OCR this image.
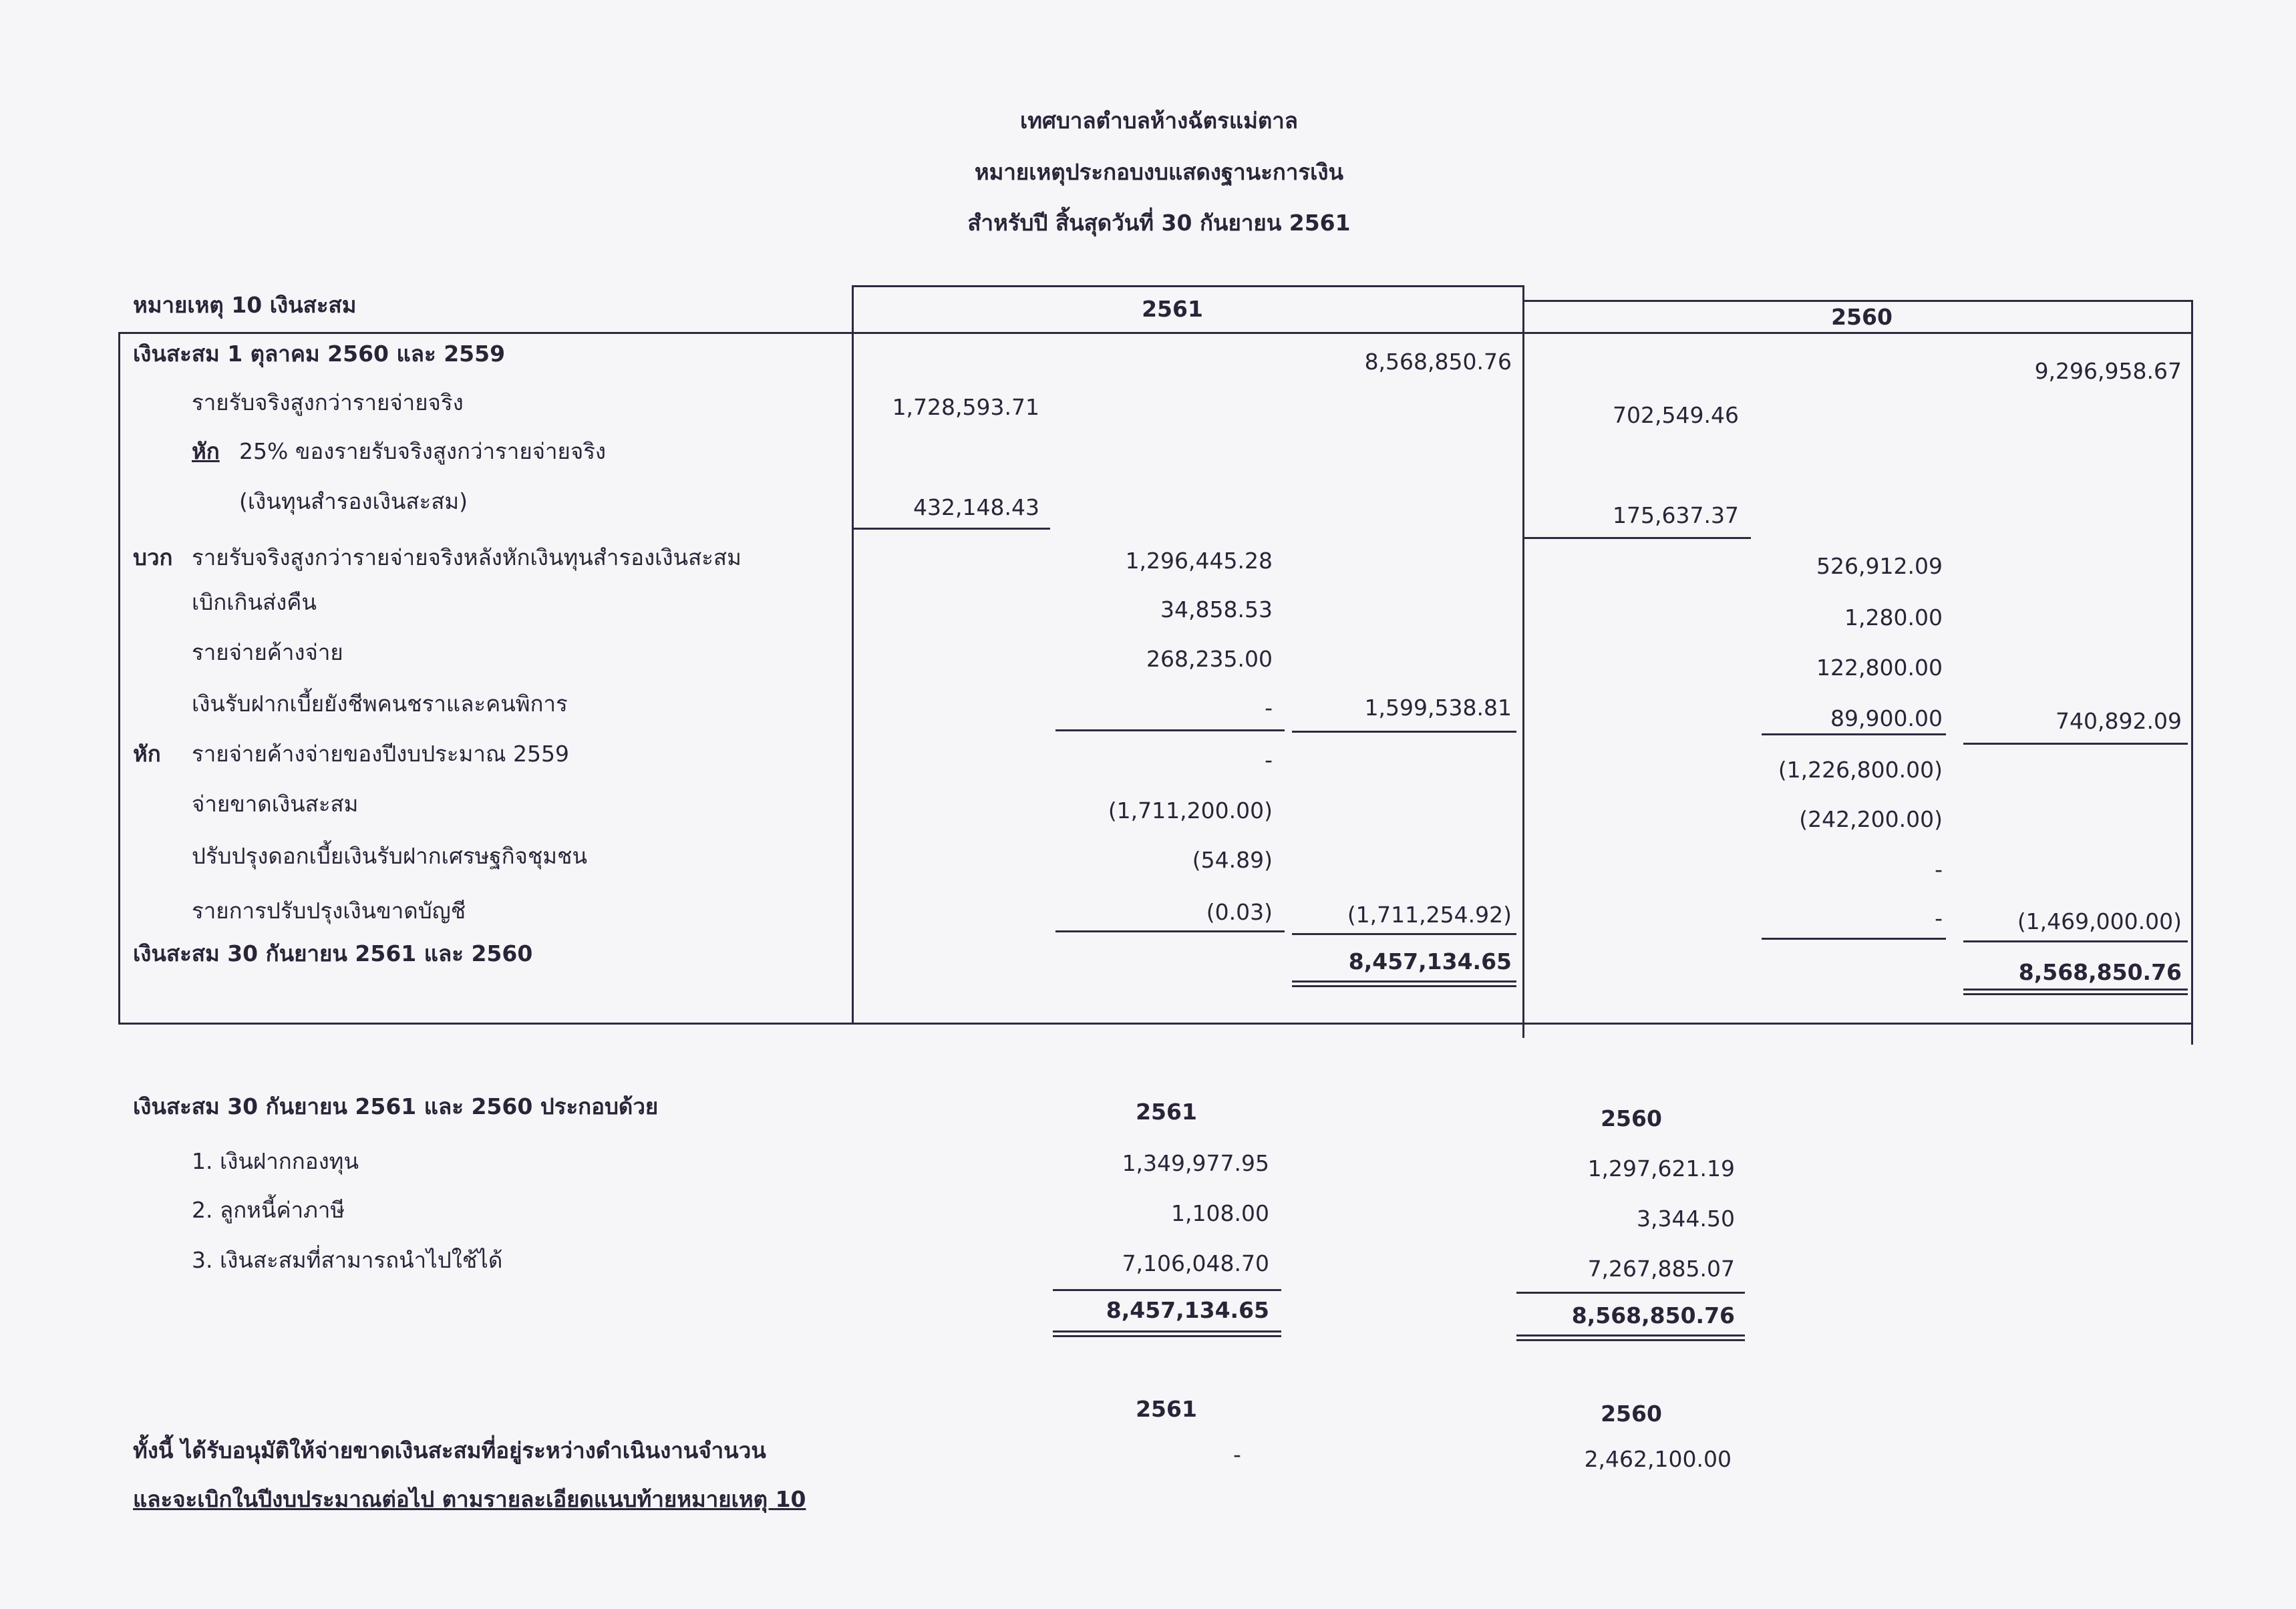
เทศบาลตำบลห้างฉัตรแม่ตาล
หมายเหตุประกอบงบแสดงฐานะการเงิน
สำหรับปี สิ้นสุดวันที่ 30 กันยายน 2561
หมายเหตุ 10 เงินสะสม	2561	2560
เงินสะสม 1 ตุลาคม 2560 และ 2559	8,568,850.76	9,296,958.67
รายรับจริงสูงกว่ารายจ่ายจริง	1,728,593.71	702,549.46
หัก 25% ของรายรับจริงสูงกว่ารายจ่ายจริง
(เงินทุนสำรองเงินสะสม)	432,148.43	175,637.37
บวก รายรับจริงสูงกว่ารายจ่ายจริงหลังหักเงินทุนสำรองเงินสะสม	1,296,445.28	526,912.09
เบิกเกินส่งคืน	34,858.53	1,280.00
รายจ่ายค้างจ่าย	268,235.00	122,800.00
เงินรับฝากเบี้ยยังชีพคนชราและคนพิการ	-	1,599,538.81	89,900.00	740,892.09
หัก รายจ่ายค้างจ่ายของปีงบประมาณ 2559	-	(1,226,800.00)
จ่ายขาดเงินสะสม	(1,711,200.00)	(242,200.00)
ปรับปรุงดอกเบี้ยเงินรับฝากเศรษฐกิจชุมชน	(54.89)	-
รายการปรับปรุงเงินขาดบัญชี	(0.03)	(1,711,254.92)	-	(1,469,000.00)
เงินสะสม 30 กันยายน 2561 และ 2560	8,457,134.65	8,568,850.76
เงินสะสม 30 กันยายน 2561 และ 2560 ประกอบด้วย	2561	2560
1. เงินฝากกองทุน	1,349,977.95	1,297,621.19
2. ลูกหนี้ค่าภาษี	1,108.00	3,344.50
3. เงินสะสมที่สามารถนำไปใช้ได้	7,106,048.70	7,267,885.07
8,457,134.65	8,568,850.76
2561	2560
ทั้งนี้ ได้รับอนุมัติให้จ่ายขาดเงินสะสมที่อยู่ระหว่างดำเนินงานจำนวน	-	2,462,100.00
และจะเบิกในปีงบประมาณต่อไป ตามรายละเอียดแนบท้ายหมายเหตุ 10
